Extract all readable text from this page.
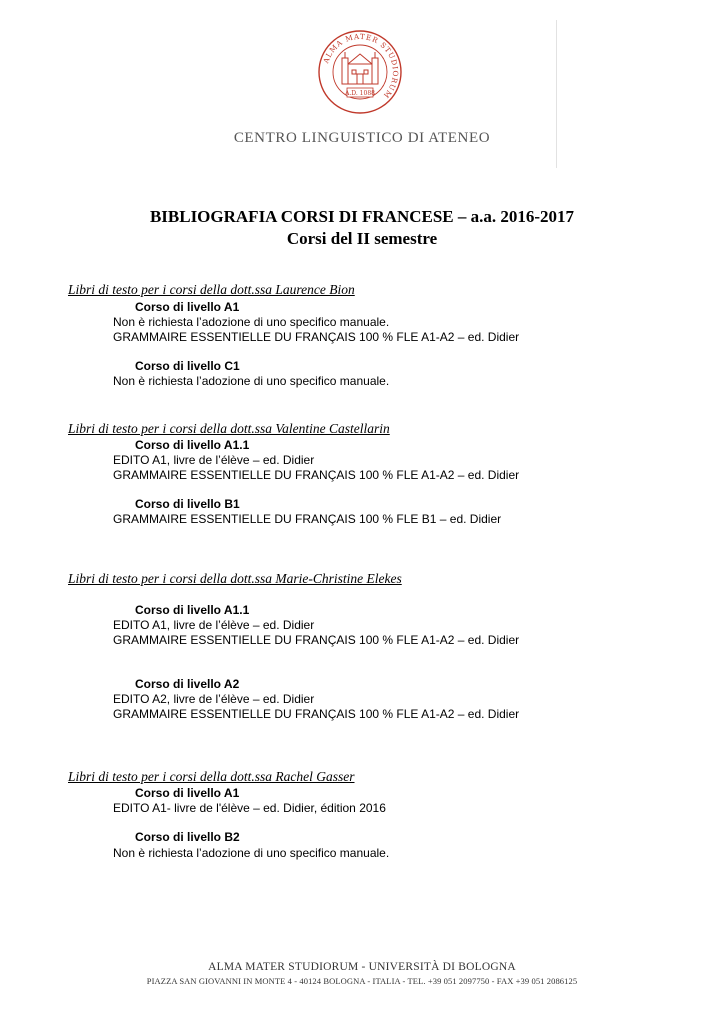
ALMA MATER STUDIORUM
A.D. 1088
CENTRO LINGUISTICO DI ATENEO
BIBLIOGRAFIA CORSI DI FRANCESE – a.a. 2016-2017
Corsi del II semestre
Libri di testo per i corsi della dott.ssa Laurence Bion
Corso di livello A1
Non è richiesta l’adozione di uno specifico manuale.
GRAMMAIRE ESSENTIELLE DU FRANÇAIS 100 % FLE A1-A2 – ed. Didier
Corso di livello C1
Non è richiesta l’adozione di uno specifico manuale.
Libri di testo per i corsi della dott.ssa Valentine Castellarin
Corso di livello A1.1
EDITO A1, livre de l’élève – ed. Didier
GRAMMAIRE ESSENTIELLE DU FRANÇAIS 100 % FLE A1-A2 – ed. Didier
Corso di livello B1
GRAMMAIRE ESSENTIELLE DU FRANÇAIS 100 % FLE B1 – ed. Didier
Libri di testo per i corsi della dott.ssa Marie-Christine Elekes
Corso di livello A1.1
EDITO A1, livre de l’élève – ed. Didier
GRAMMAIRE ESSENTIELLE DU FRANÇAIS 100 % FLE A1-A2 – ed. Didier
Corso di livello A2
EDITO A2, livre de l’élève – ed. Didier
GRAMMAIRE ESSENTIELLE DU FRANÇAIS 100 % FLE A1-A2 – ed. Didier
Libri di testo per i corsi della dott.ssa Rachel Gasser
Corso di livello A1
EDITO A1- livre de l'élève – ed. Didier, édition 2016
Corso di livello B2
Non è richiesta l’adozione di uno specifico manuale.
ALMA MATER STUDIORUM - UNIVERSITÀ DI BOLOGNA
PIAZZA SAN GIOVANNI IN MONTE 4 - 40124 BOLOGNA - ITALIA - TEL. +39 051 2097750 - FAX +39 051 2086125
